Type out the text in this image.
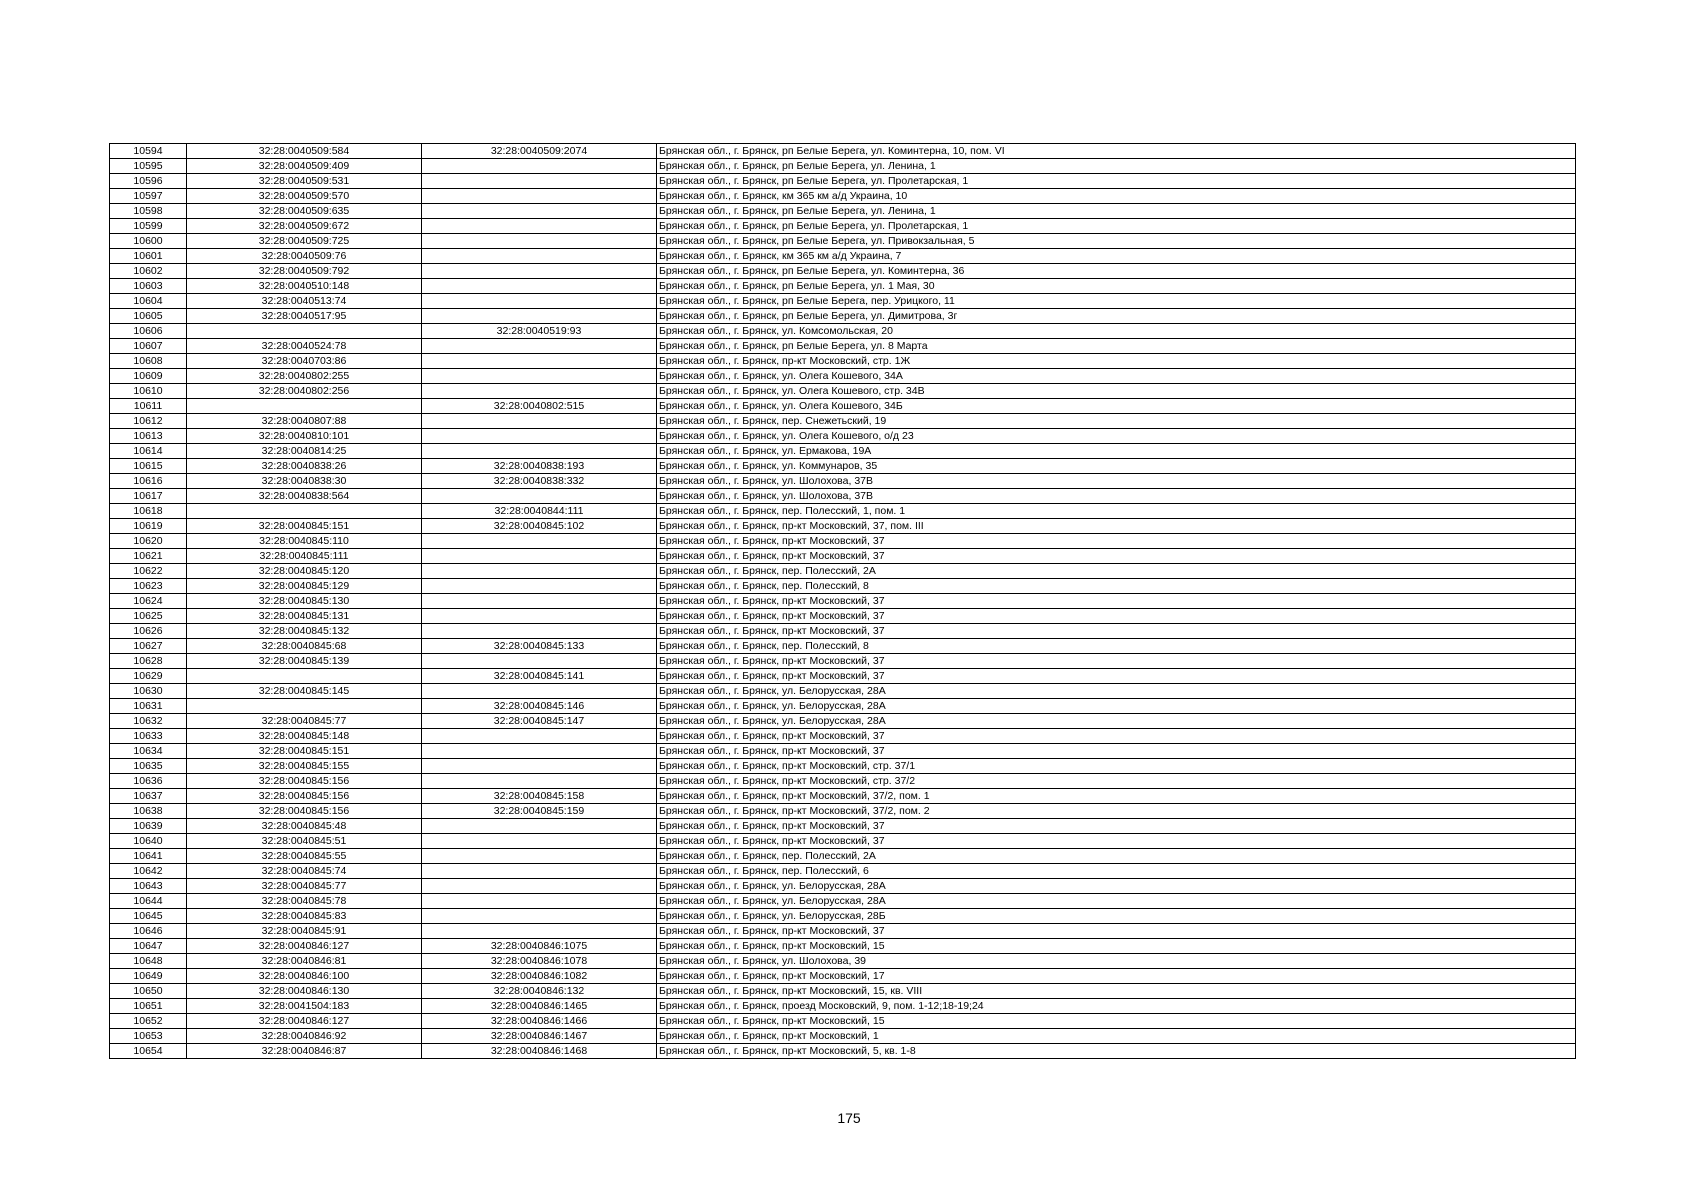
10594	32:28:0040509:584	32:28:0040509:2074	Брянская обл., г. Брянск, рп Белые Берега, ул. Коминтерна, 10, пом. VI
10595	32:28:0040509:409		Брянская обл., г. Брянск, рп Белые Берега, ул. Ленина, 1
10596	32:28:0040509:531		Брянская обл., г. Брянск, рп Белые Берега, ул. Пролетарская, 1
10597	32:28:0040509:570		Брянская обл., г. Брянск, км 365 км а/д Украина, 10
10598	32:28:0040509:635		Брянская обл., г. Брянск, рп Белые Берега, ул. Ленина, 1
10599	32:28:0040509:672		Брянская обл., г. Брянск, рп Белые Берега, ул. Пролетарская, 1
10600	32:28:0040509:725		Брянская обл., г. Брянск, рп Белые Берега, ул. Привокзальная, 5
10601	32:28:0040509:76		Брянская обл., г. Брянск, км 365 км а/д Украина, 7
10602	32:28:0040509:792		Брянская обл., г. Брянск, рп Белые Берега, ул. Коминтерна, 36
10603	32:28:0040510:148		Брянская обл., г. Брянск, рп Белые Берега, ул. 1 Мая, 30
10604	32:28:0040513:74		Брянская обл., г. Брянск, рп Белые Берега, пер. Урицкого, 11
10605	32:28:0040517:95		Брянская обл., г. Брянск, рп Белые Берега, ул. Димитрова, 3г
10606		32:28:0040519:93	Брянская обл., г. Брянск, ул. Комсомольская, 20
10607	32:28:0040524:78		Брянская обл., г. Брянск, рп Белые Берега, ул. 8 Марта
10608	32:28:0040703:86		Брянская обл., г. Брянск, пр-кт Московский, стр. 1Ж
10609	32:28:0040802:255		Брянская обл., г. Брянск, ул. Олега Кошевого, 34А
10610	32:28:0040802:256		Брянская обл., г. Брянск, ул. Олега Кошевого, стр. 34В
10611		32:28:0040802:515	Брянская обл., г. Брянск, ул. Олега Кошевого, 34Б
10612	32:28:0040807:88		Брянская обл., г. Брянск, пер. Снежетьский, 19
10613	32:28:0040810:101		Брянская обл., г. Брянск, ул. Олега Кошевого, о/д 23
10614	32:28:0040814:25		Брянская обл., г. Брянск, ул. Ермакова, 19А
10615	32:28:0040838:26	32:28:0040838:193	Брянская обл., г. Брянск, ул. Коммунаров, 35
10616	32:28:0040838:30	32:28:0040838:332	Брянская обл., г. Брянск, ул. Шолохова, 37В
10617	32:28:0040838:564		Брянская обл., г. Брянск, ул. Шолохова, 37В
10618		32:28:0040844:111	Брянская обл., г. Брянск, пер. Полесский, 1, пом. 1
10619	32:28:0040845:151	32:28:0040845:102	Брянская обл., г. Брянск, пр-кт Московский, 37, пом. III
10620	32:28:0040845:110		Брянская обл., г. Брянск, пр-кт Московский, 37
10621	32:28:0040845:111		Брянская обл., г. Брянск, пр-кт Московский, 37
10622	32:28:0040845:120		Брянская обл., г. Брянск, пер. Полесский, 2А
10623	32:28:0040845:129		Брянская обл., г. Брянск, пер. Полесский, 8
10624	32:28:0040845:130		Брянская обл., г. Брянск, пр-кт Московский, 37
10625	32:28:0040845:131		Брянская обл., г. Брянск, пр-кт Московский, 37
10626	32:28:0040845:132		Брянская обл., г. Брянск, пр-кт Московский, 37
10627	32:28:0040845:68	32:28:0040845:133	Брянская обл., г. Брянск, пер. Полесский, 8
10628	32:28:0040845:139		Брянская обл., г. Брянск, пр-кт Московский, 37
10629		32:28:0040845:141	Брянская обл., г. Брянск, пр-кт Московский, 37
10630	32:28:0040845:145		Брянская обл., г. Брянск, ул. Белорусская, 28А
10631		32:28:0040845:146	Брянская обл., г. Брянск, ул. Белорусская, 28А
10632	32:28:0040845:77	32:28:0040845:147	Брянская обл., г. Брянск, ул. Белорусская, 28А
10633	32:28:0040845:148		Брянская обл., г. Брянск, пр-кт Московский, 37
10634	32:28:0040845:151		Брянская обл., г. Брянск, пр-кт Московский, 37
10635	32:28:0040845:155		Брянская обл., г. Брянск, пр-кт Московский, стр. 37/1
10636	32:28:0040845:156		Брянская обл., г. Брянск, пр-кт Московский, стр. 37/2
10637	32:28:0040845:156	32:28:0040845:158	Брянская обл., г. Брянск, пр-кт Московский, 37/2, пом. 1
10638	32:28:0040845:156	32:28:0040845:159	Брянская обл., г. Брянск, пр-кт Московский, 37/2, пом. 2
10639	32:28:0040845:48		Брянская обл., г. Брянск, пр-кт Московский, 37
10640	32:28:0040845:51		Брянская обл., г. Брянск, пр-кт Московский, 37
10641	32:28:0040845:55		Брянская обл., г. Брянск, пер. Полесский, 2А
10642	32:28:0040845:74		Брянская обл., г. Брянск, пер. Полесский, 6
10643	32:28:0040845:77		Брянская обл., г. Брянск, ул. Белорусская, 28А
10644	32:28:0040845:78		Брянская обл., г. Брянск, ул. Белорусская, 28А
10645	32:28:0040845:83		Брянская обл., г. Брянск, ул. Белорусская, 28Б
10646	32:28:0040845:91		Брянская обл., г. Брянск, пр-кт Московский, 37
10647	32:28:0040846:127	32:28:0040846:1075	Брянская обл., г. Брянск, пр-кт Московский, 15
10648	32:28:0040846:81	32:28:0040846:1078	Брянская обл., г. Брянск, ул. Шолохова, 39
10649	32:28:0040846:100	32:28:0040846:1082	Брянская обл., г. Брянск, пр-кт Московский, 17
10650	32:28:0040846:130	32:28:0040846:132	Брянская обл., г. Брянск, пр-кт Московский, 15, кв. VIII
10651	32:28:0041504:183	32:28:0040846:1465	Брянская обл., г. Брянск, проезд Московский, 9, пом. 1-12;18-19;24
10652	32:28:0040846:127	32:28:0040846:1466	Брянская обл., г. Брянск, пр-кт Московский, 15
10653	32:28:0040846:92	32:28:0040846:1467	Брянская обл., г. Брянск, пр-кт Московский, 1
10654	32:28:0040846:87	32:28:0040846:1468	Брянская обл., г. Брянск, пр-кт Московский, 5, кв. 1-8
175
